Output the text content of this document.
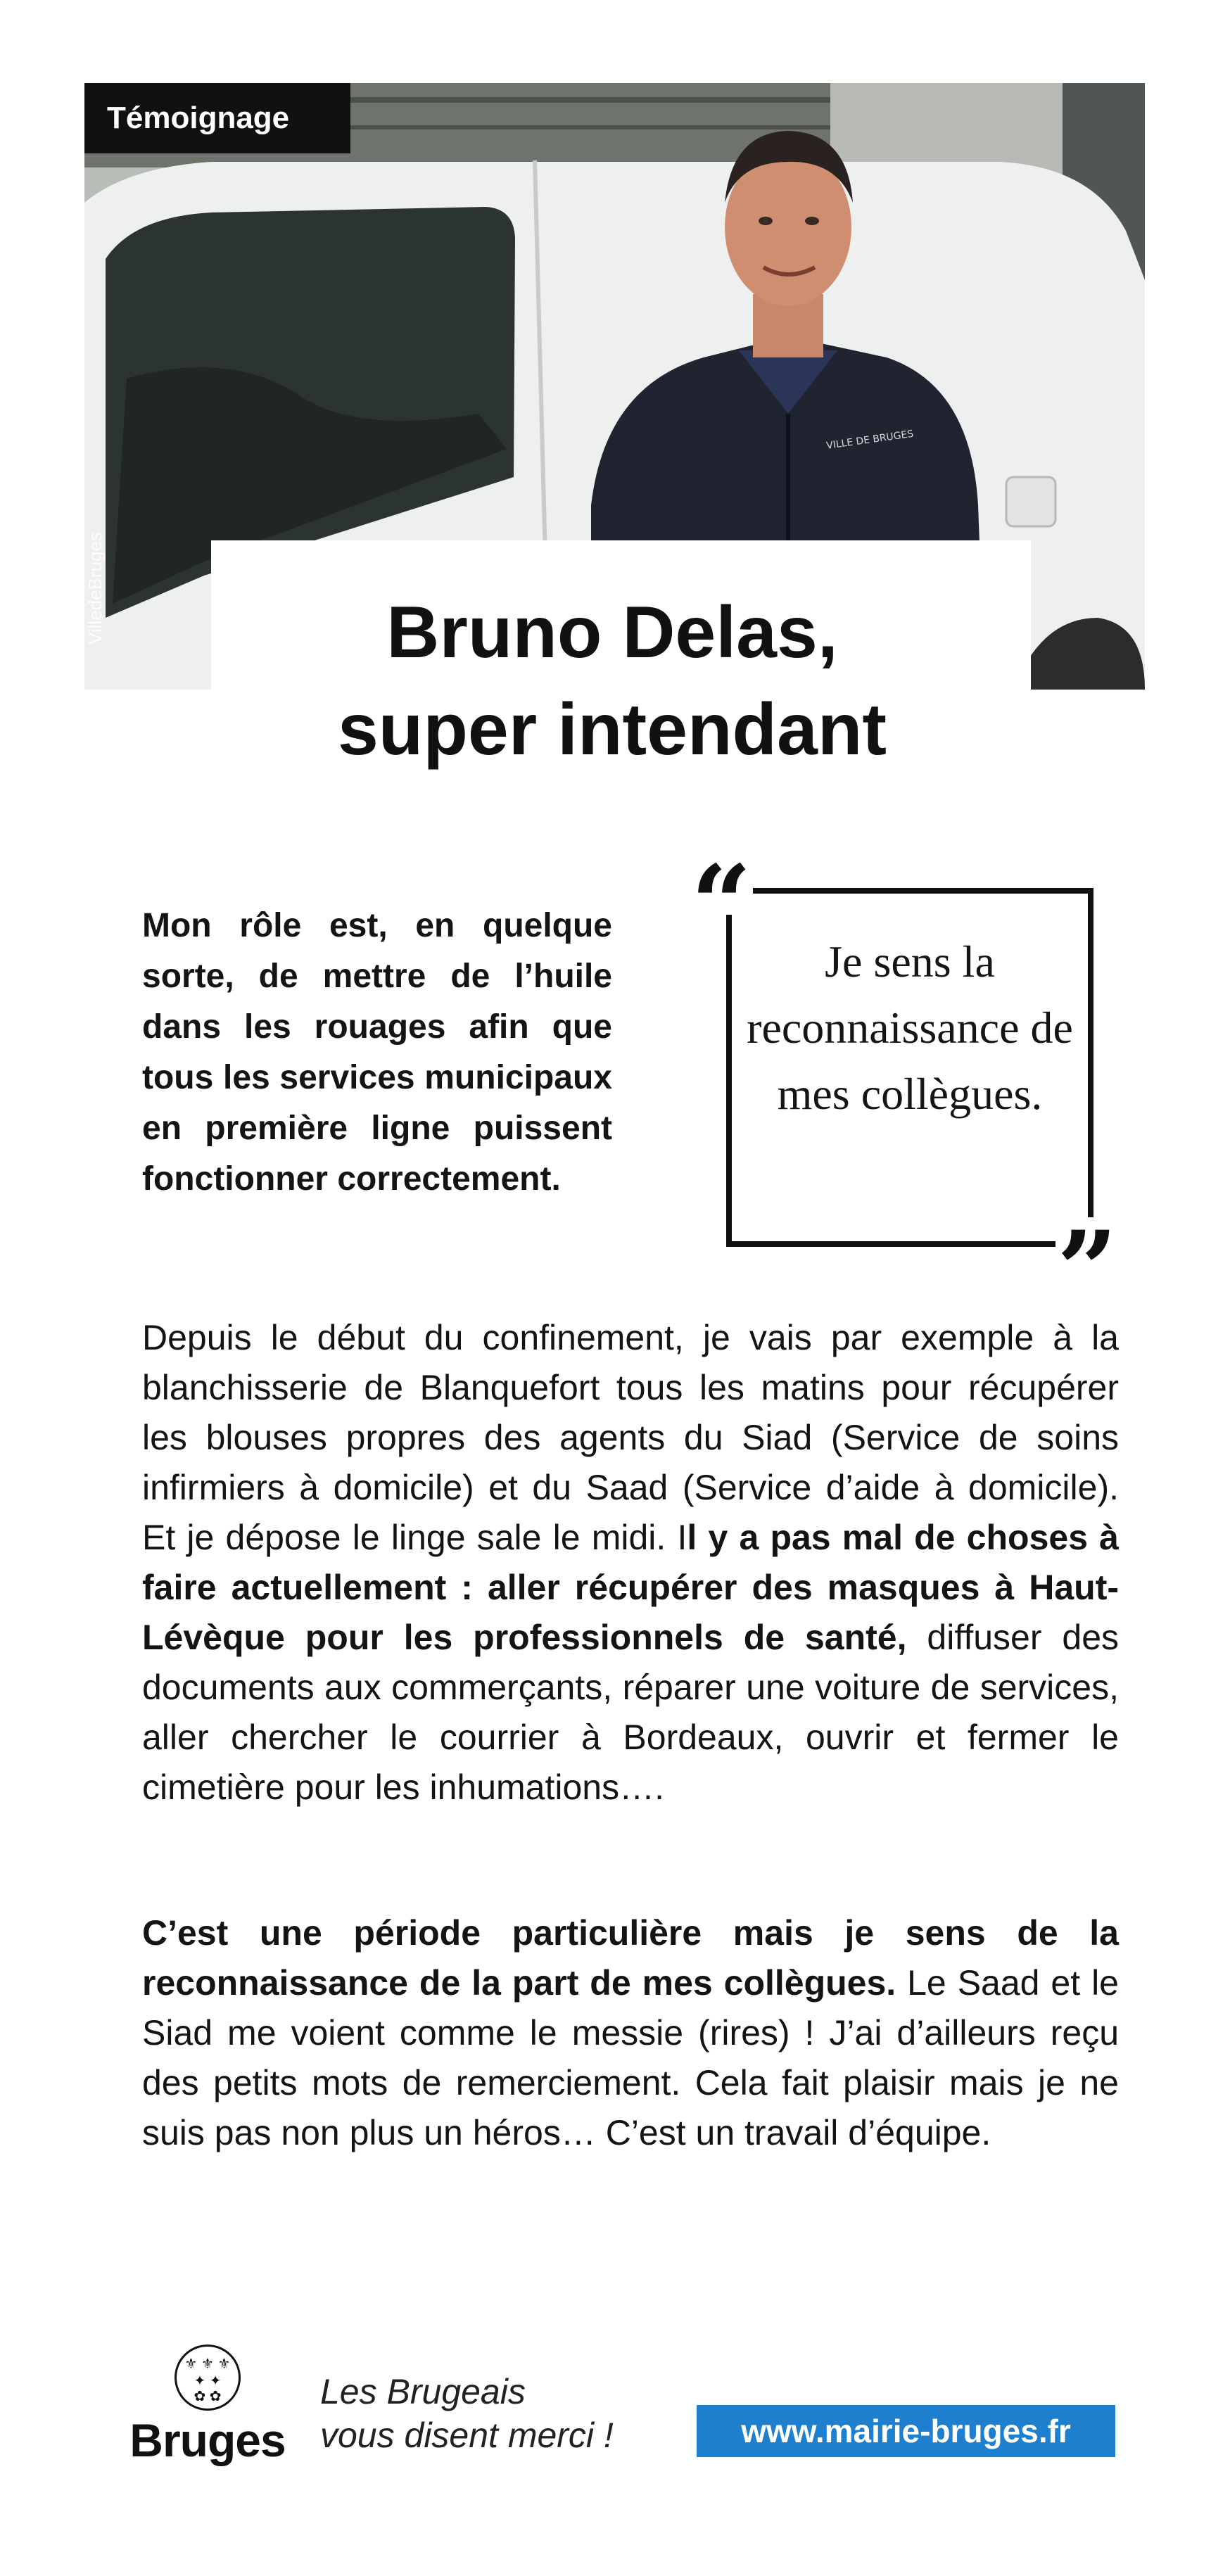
VILLE DE BRUGES
Témoignage
VilledeBruges	Bruno Delas,
super intendant

Mon rôle est, en quelque sorte, de mettre de l’huile dans les rouages afin que tous les services municipaux en première ligne puissent fonctionner correctement.

“
”

Je sens la reconnaissance de mes collègues.

Depuis le début du confinement, je vais par exemple à la blanchisserie de Blanquefort tous les matins pour récupérer les blouses propres des agents du Siad (Service de soins infirmiers à domicile) et du Saad (Service d’aide à domicile). Et je dépose le linge sale le midi. Il y a pas mal de choses à faire actuellement : aller récupérer des masques à Haut-Lévèque pour les professionnels de santé, diffuser des documents aux commerçants, réparer une voiture de services, aller chercher le courrier à Bordeaux, ouvrir et fermer le cimetière pour les inhumations….

C’est une période particulière mais je sens de la reconnaissance de la part de mes collègues. Le Saad et le Siad me voient comme le messie (rires) ! J’ai d’ailleurs reçu des petits mots de remerciement. Cela fait plaisir mais je ne suis pas non plus un héros… C’est un travail d’équipe.

⚜ ⚜ ⚜
✦ ✦
✿ ✿
Bruges
Les Brugeais
vous disent merci !	www.mairie-bruges.fr
